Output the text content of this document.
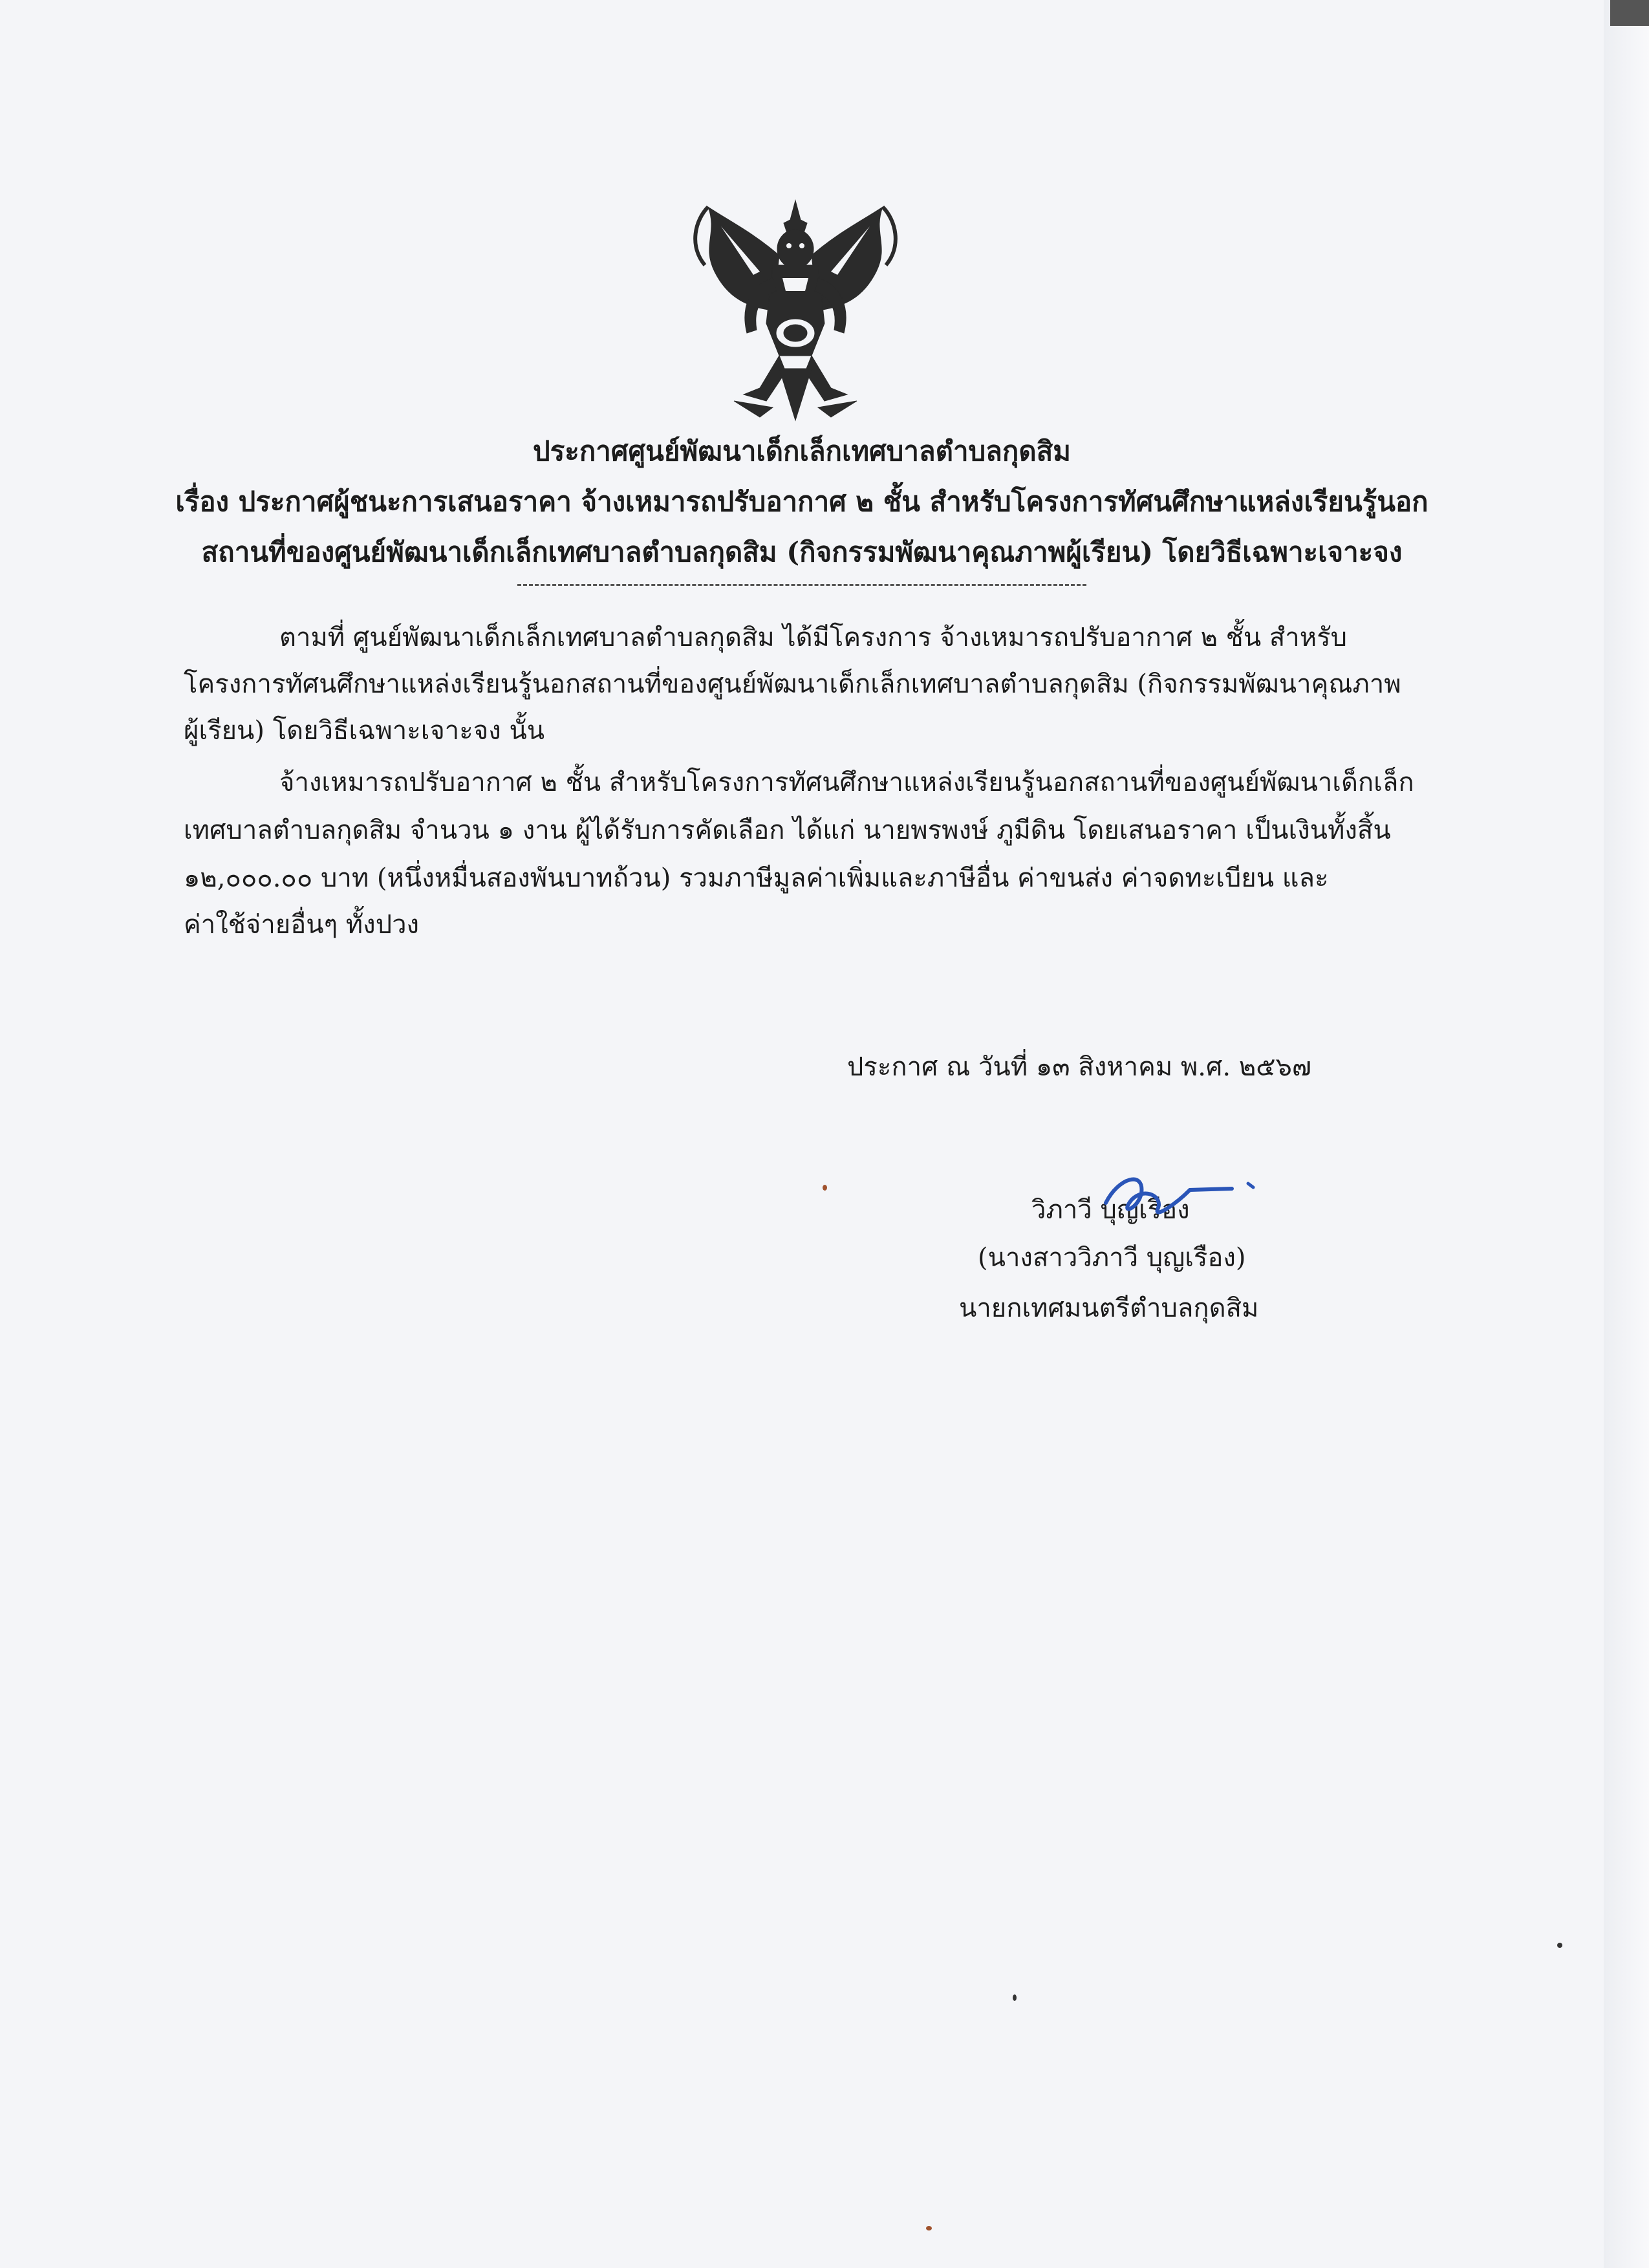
ประกาศศูนย์พัฒนาเด็กเล็กเทศบาลตำบลกุดสิม
เรื่อง ประกาศผู้ชนะการเสนอราคา จ้างเหมารถปรับอากาศ ๒ ชั้น สำหรับโครงการทัศนศึกษาแหล่งเรียนรู้นอก
สถานที่ของศูนย์พัฒนาเด็กเล็กเทศบาลตำบลกุดสิม (กิจกรรมพัฒนาคุณภาพผู้เรียน) โดยวิธีเฉพาะเจาะจง
ตามที่ ศูนย์พัฒนาเด็กเล็กเทศบาลตำบลกุดสิม ได้มีโครงการ จ้างเหมารถปรับอากาศ ๒ ชั้น สำหรับ
โครงการทัศนศึกษาแหล่งเรียนรู้นอกสถานที่ของศูนย์พัฒนาเด็กเล็กเทศบาลตำบลกุดสิม (กิจกรรมพัฒนาคุณภาพ
ผู้เรียน) โดยวิธีเฉพาะเจาะจง นั้น
จ้างเหมารถปรับอากาศ ๒ ชั้น สำหรับโครงการทัศนศึกษาแหล่งเรียนรู้นอกสถานที่ของศูนย์พัฒนาเด็กเล็ก
เทศบาลตำบลกุดสิม จำนวน ๑ งาน ผู้ได้รับการคัดเลือก ได้แก่ นายพรพงษ์ ภูมีดิน โดยเสนอราคา เป็นเงินทั้งสิ้น
๑๒,๐๐๐.๐๐ บาท (หนึ่งหมื่นสองพันบาทถ้วน) รวมภาษีมูลค่าเพิ่มและภาษีอื่น ค่าขนส่ง ค่าจดทะเบียน และ
ค่าใช้จ่ายอื่นๆ ทั้งปวง
ประกาศ ณ วันที่ ๑๓ สิงหาคม พ.ศ. ๒๕๖๗
วิภาวี บุญเรือง
(นางสาววิภาวี บุญเรือง)
นายกเทศมนตรีตำบลกุดสิม
